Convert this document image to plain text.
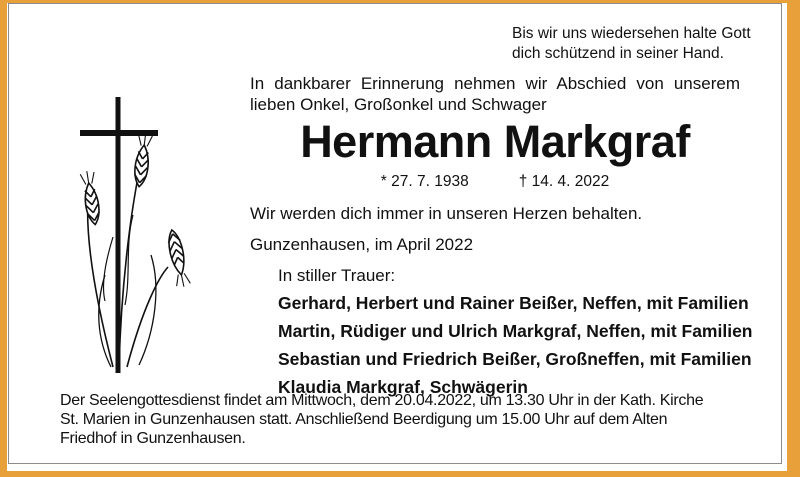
Bis wir uns wiedersehen halte Gott
dich schützend in seiner Hand.
In dankbarer Erinnerung nehmen wir Abschied von unserem
lieben Onkel, Großonkel und Schwager
Hermann Markgraf
* 27. 7. 1938	† 14. 4. 2022
Wir werden dich immer in unseren Herzen behalten.
Gunzenhausen, im April 2022
In stiller Trauer:
Gerhard, Herbert und Rainer Beißer, Neffen, mit Familien
Martin, Rüdiger und Ulrich Markgraf, Neffen, mit Familien
Sebastian und Friedrich Beißer, Großneffen, mit Familien
Klaudia Markgraf, Schwägerin
Der Seelengottesdienst findet am Mittwoch, dem 20.04.2022, um 13.30 Uhr in der Kath. Kirche St. Marien in Gunzenhausen statt. Anschließend Beerdigung um 15.00 Uhr auf dem Alten Friedhof in Gunzenhausen.
